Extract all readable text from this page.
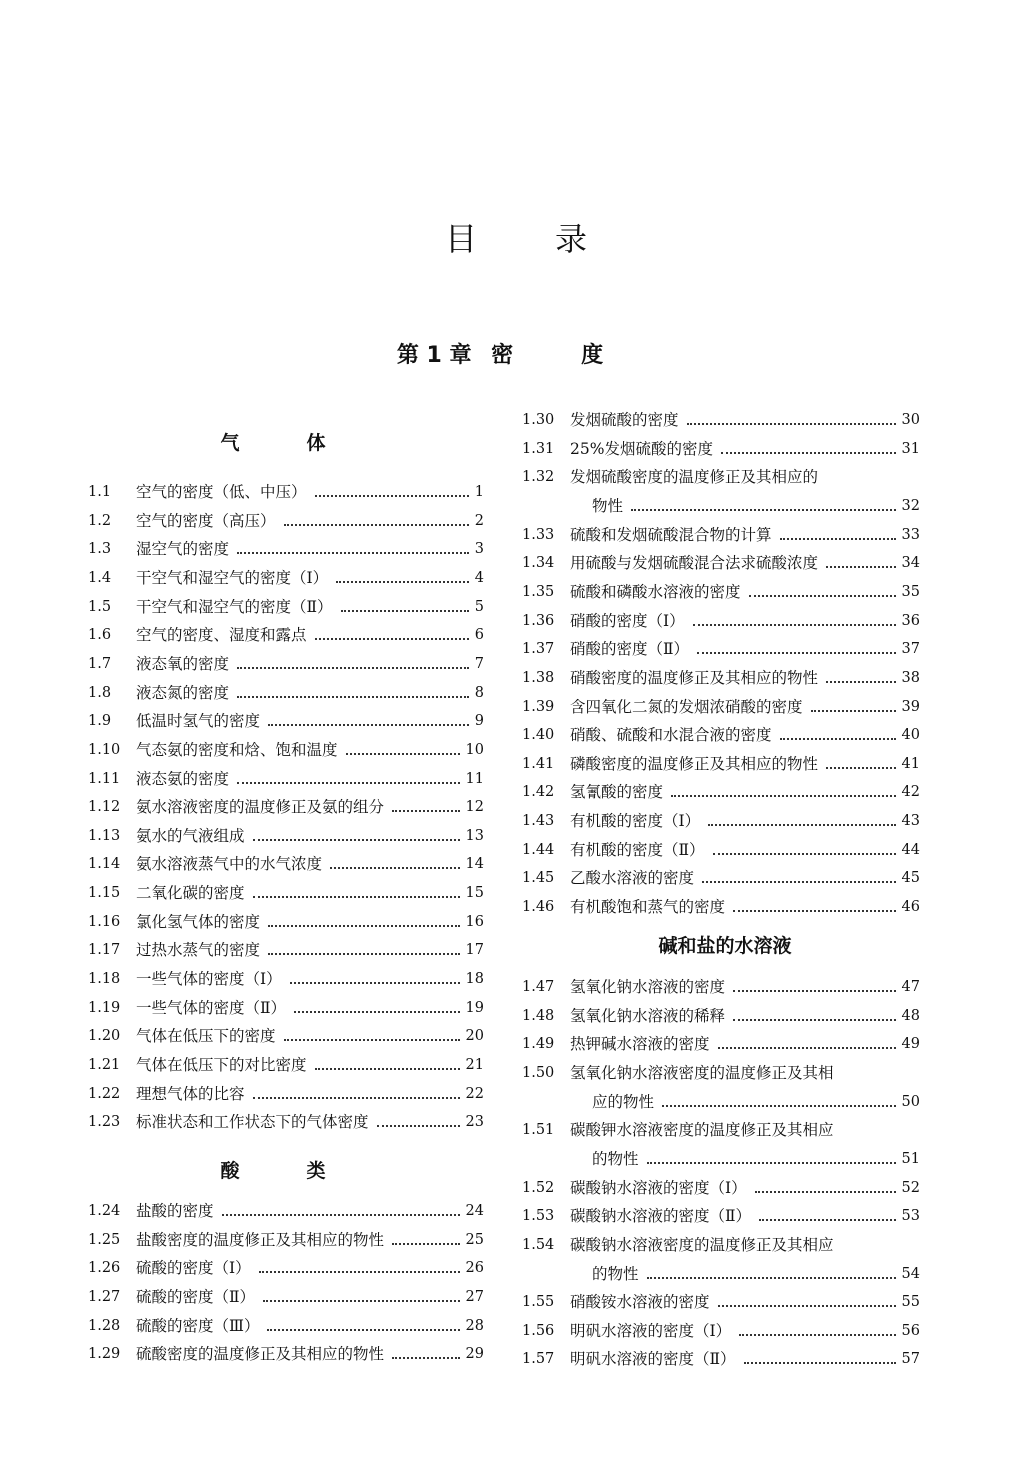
目录
第 1 章 密	度
气　体
酸　类
碱和盐的水溶液
1.1	空气的密度（低、中压）	1
1.2	空气的密度（高压）	2
1.3	湿空气的密度	3
1.4	干空气和湿空气的密度（Ⅰ）	4
1.5	干空气和湿空气的密度（Ⅱ）	5
1.6	空气的密度、湿度和露点	6
1.7	液态氧的密度	7
1.8	液态氮的密度	8
1.9	低温时氢气的密度	9
1.10	气态氨的密度和焓、饱和温度	10
1.11	液态氨的密度	11
1.12	氨水溶液密度的温度修正及氨的组分	12
1.13	氨水的气液组成	13
1.14	氨水溶液蒸气中的水气浓度	14
1.15	二氧化碳的密度	15
1.16	氯化氢气体的密度	16
1.17	过热水蒸气的密度	17
1.18	一些气体的密度（Ⅰ）	18
1.19	一些气体的密度（Ⅱ）	19
1.20	气体在低压下的密度	20
1.21	气体在低压下的对比密度	21
1.22	理想气体的比容	22
1.23	标准状态和工作状态下的气体密度	23
1.24	盐酸的密度	24
1.25	盐酸密度的温度修正及其相应的物性	25
1.26	硫酸的密度（Ⅰ）	26
1.27	硫酸的密度（Ⅱ）	27
1.28	硫酸的密度（Ⅲ）	28
1.29	硫酸密度的温度修正及其相应的物性	29
1.30	发烟硫酸的密度	30
1.31	25%发烟硫酸的密度	31
1.32	发烟硫酸密度的温度修正及其相应的
物性	32
1.33	硫酸和发烟硫酸混合物的计算	33
1.34	用硫酸与发烟硫酸混合法求硫酸浓度	34
1.35	硫酸和磷酸水溶液的密度	35
1.36	硝酸的密度（Ⅰ）	36
1.37	硝酸的密度（Ⅱ）	37
1.38	硝酸密度的温度修正及其相应的物性	38
1.39	含四氧化二氮的发烟浓硝酸的密度	39
1.40	硝酸、硫酸和水混合液的密度	40
1.41	磷酸密度的温度修正及其相应的物性	41
1.42	氢氰酸的密度	42
1.43	有机酸的密度（Ⅰ）	43
1.44	有机酸的密度（Ⅱ）	44
1.45	乙酸水溶液的密度	45
1.46	有机酸饱和蒸气的密度	46
1.47	氢氧化钠水溶液的密度	47
1.48	氢氧化钠水溶液的稀释	48
1.49	热钾碱水溶液的密度	49
1.50	氢氧化钠水溶液密度的温度修正及其相
应的物性	50
1.51	碳酸钾水溶液密度的温度修正及其相应
的物性	51
1.52	碳酸钠水溶液的密度（Ⅰ）	52
1.53	碳酸钠水溶液的密度（Ⅱ）	53
1.54	碳酸钠水溶液密度的温度修正及其相应
的物性	54
1.55	硝酸铵水溶液的密度	55
1.56	明矾水溶液的密度（Ⅰ）	56
1.57	明矾水溶液的密度（Ⅱ）	57
